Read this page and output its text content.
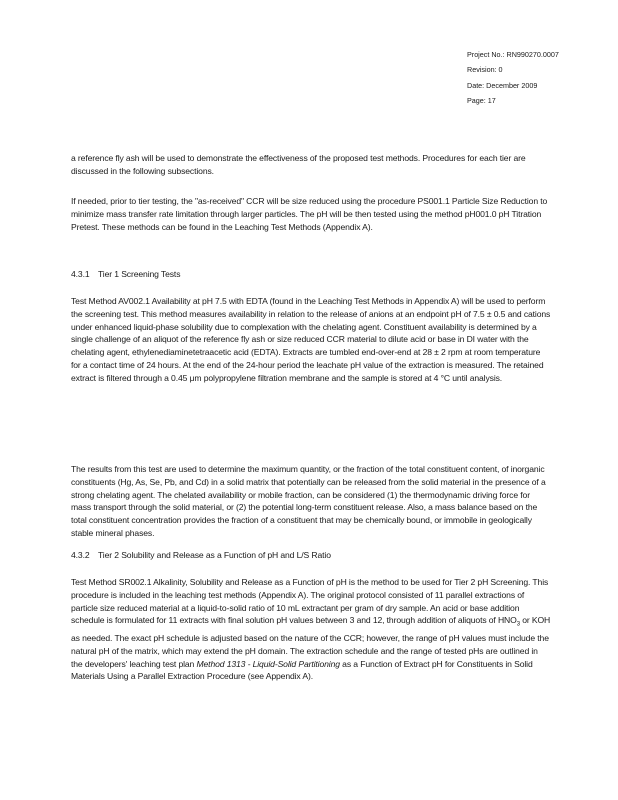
Project No.: RN990270.0007
Revision: 0
Date: December 2009
Page: 17
a reference fly ash will be used to demonstrate the effectiveness of the proposed test methods. Procedures for each tier are discussed in the following subsections.
If needed, prior to tier testing, the "as-received" CCR will be size reduced using the procedure PS001.1 Particle Size Reduction to minimize mass transfer rate limitation through larger particles. The pH will be then tested using the method pH001.0 pH Titration Pretest. These methods can be found in the Leaching Test Methods (Appendix A).
4.3.1 Tier 1 Screening Tests
Test Method AV002.1 Availability at pH 7.5 with EDTA (found in the Leaching Test Methods in Appendix A) will be used to perform the screening test. This method measures availability in relation to the release of anions at an endpoint pH of 7.5 ± 0.5 and cations under enhanced liquid-phase solubility due to complexation with the chelating agent. Constituent availability is determined by a single challenge of an aliquot of the reference fly ash or size reduced CCR material to dilute acid or base in DI water with the chelating agent, ethylenediaminetetraacetic acid (EDTA). Extracts are tumbled end-over-end at 28 ± 2 rpm at room temperature for a contact time of 24 hours. At the end of the 24-hour period the leachate pH value of the extraction is measured. The retained extract is filtered through a 0.45 μm polypropylene filtration membrane and the sample is stored at 4 °C until analysis.
The results from this test are used to determine the maximum quantity, or the fraction of the total constituent content, of inorganic constituents (Hg, As, Se, Pb, and Cd) in a solid matrix that potentially can be released from the solid material in the presence of a strong chelating agent. The chelated availability or mobile fraction, can be considered (1) the thermodynamic driving force for mass transport through the solid material, or (2) the potential long-term constituent release. Also, a mass balance based on the total constituent concentration provides the fraction of a constituent that may be chemically bound, or immobile in geologically stable mineral phases.
4.3.2 Tier 2 Solubility and Release as a Function of pH and L/S Ratio
Test Method SR002.1 Alkalinity, Solubility and Release as a Function of pH is the method to be used for Tier 2 pH Screening. This procedure is included in the leaching test methods (Appendix A). The original protocol consisted of 11 parallel extractions of particle size reduced material at a liquid-to-solid ratio of 10 mL extractant per gram of dry sample. An acid or base addition schedule is formulated for 11 extracts with final solution pH values between 3 and 12, through addition of aliquots of $HNO_3$ or KOH as needed. The exact pH schedule is adjusted based on the nature of the CCR; however, the range of pH values must include the natural pH of the matrix, which may extend the pH domain. The extraction schedule and the range of tested pHs are outlined in the developers' leaching test plan Method 1313 - Liquid-Solid Partitioning as a Function of Extract pH for Constituents in Solid Materials Using a Parallel Extraction Procedure (see Appendix A).
